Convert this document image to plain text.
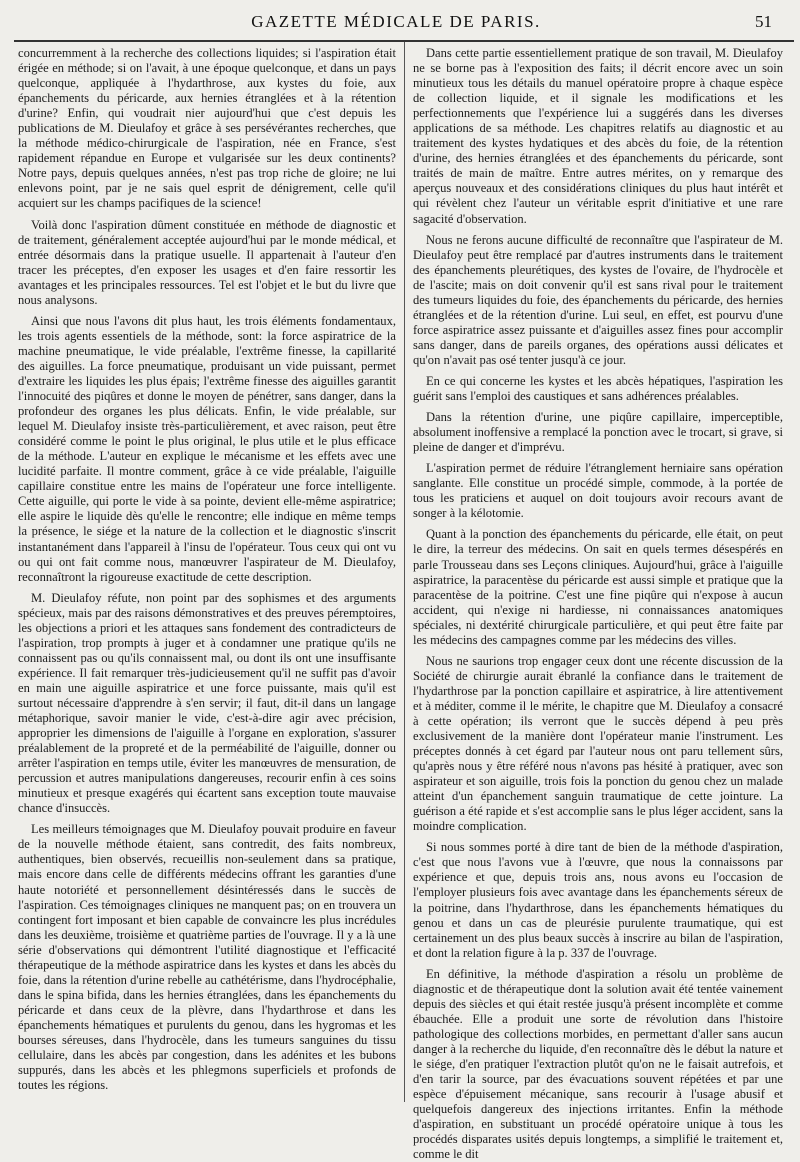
GAZETTE MÉDICALE DE PARIS.	51

concurremment à la recherche des collections liquides; si l'aspiration était érigée en méthode; si on l'avait, à une époque quelconque, et dans un pays quelconque, appliquée à l'hydarthrose, aux kystes du foie, aux épanchements du péricarde, aux hernies étranglées et à la rétention d'urine? Enfin, qui voudrait nier aujourd'hui que c'est depuis les publications de M. Dieulafoy et grâce à ses persévérantes recherches, que la méthode médico-chirurgicale de l'aspiration, née en France, s'est rapidement répandue en Europe et vulgarisée sur les deux continents? Notre pays, depuis quelques années, n'est pas trop riche de gloire; ne lui enlevons point, par je ne sais quel esprit de dénigrement, celle qu'il acquiert sur les champs pacifiques de la science!

Voilà donc l'aspiration dûment constituée en méthode de diagnostic et de traitement, généralement acceptée aujourd'hui par le monde médical, et entrée désormais dans la pratique usuelle. Il appartenait à l'auteur d'en tracer les préceptes, d'en exposer les usages et d'en faire ressortir les avantages et les principales ressources. Tel est l'objet et le but du livre que nous analysons.

Ainsi que nous l'avons dit plus haut, les trois éléments fondamentaux, les trois agents essentiels de la méthode, sont: la force aspiratrice de la machine pneumatique, le vide préalable, l'extrême finesse, la capillarité des aiguilles. La force pneumatique, produisant un vide puissant, permet d'extraire les liquides les plus épais; l'extrême finesse des aiguilles garantit l'innocuité des piqûres et donne le moyen de pénétrer, sans danger, dans la profondeur des organes les plus délicats. Enfin, le vide préalable, sur lequel M. Dieulafoy insiste très-particulièrement, et avec raison, peut être considéré comme le point le plus original, le plus utile et le plus efficace de la méthode. L'auteur en explique le mécanisme et les effets avec une lucidité parfaite. Il montre comment, grâce à ce vide préalable, l'aiguille capillaire constitue entre les mains de l'opérateur une force intelligente. Cette aiguille, qui porte le vide à sa pointe, devient elle-même aspiratrice; elle aspire le liquide dès qu'elle le rencontre; elle indique en même temps la présence, le siége et la nature de la collection et le diagnostic s'inscrit instantanément dans l'appareil à l'insu de l'opérateur. Tous ceux qui ont vu ou qui ont fait comme nous, manœuvrer l'aspirateur de M. Dieulafoy, reconnaîtront la rigoureuse exactitude de cette description.

M. Dieulafoy réfute, non point par des sophismes et des arguments spécieux, mais par des raisons démonstratives et des preuves péremptoires, les objections a priori et les attaques sans fondement des contradicteurs de l'aspiration, trop prompts à juger et à condamner une pratique qu'ils ne connaissent pas ou qu'ils connaissent mal, ou dont ils ont une insuffisante expérience. Il fait remarquer très-judicieusement qu'il ne suffit pas d'avoir en main une aiguille aspiratrice et une force puissante, mais qu'il est surtout nécessaire d'apprendre à s'en servir; il faut, dit-il dans un langage métaphorique, savoir manier le vide, c'est-à-dire agir avec précision, approprier les dimensions de l'aiguille à l'organe en exploration, s'assurer préalablement de la propreté et de la perméabilité de l'aiguille, donner ou arrêter l'aspiration en temps utile, éviter les manœuvres de mensuration, de percussion et autres manipulations dangereuses, recourir enfin à ces soins minutieux et presque exagérés qui écartent sans exception toute mauvaise chance d'insuccès.

Les meilleurs témoignages que M. Dieulafoy pouvait produire en faveur de la nouvelle méthode étaient, sans contredit, des faits nombreux, authentiques, bien observés, recueillis non-seulement dans sa pratique, mais encore dans celle de différents médecins offrant les garanties d'une haute notoriété et personnellement désintéressés dans le succès de l'aspiration. Ces témoignages cliniques ne manquent pas; on en trouvera un contingent fort imposant et bien capable de convaincre les plus incrédules dans les deuxième, troisième et quatrième parties de l'ouvrage. Il y a là une série d'observations qui démontrent l'utilité diagnostique et l'efficacité thérapeutique de la méthode aspiratrice dans les kystes et dans les abcès du foie, dans la rétention d'urine rebelle au cathétérisme, dans l'hydrocéphalie, dans le spina bifida, dans les hernies étranglées, dans les épanchements du péricarde et dans ceux de la plèvre, dans l'hydarthrose et dans les épanchements hématiques et purulents du genou, dans les hygromas et les bourses séreuses, dans l'hydrocèle, dans les tumeurs sanguines du tissu cellulaire, dans les abcès par congestion, dans les adénites et les bubons suppurés, dans les abcès et les phlegmons superficiels et profonds de toutes les régions.

Dans cette partie essentiellement pratique de son travail, M. Dieulafoy ne se borne pas à l'exposition des faits; il décrit encore avec un soin minutieux tous les détails du manuel opératoire propre à chaque espèce de collection liquide, et il signale les modifications et les perfectionnements que l'expérience lui a suggérés dans les diverses applications de sa méthode. Les chapitres relatifs au diagnostic et au traitement des kystes hydatiques et des abcès du foie, de la rétention d'urine, des hernies étranglées et des épanchements du péricarde, sont traités de main de maître. Entre autres mérites, on y remarque des aperçus nouveaux et des considérations cliniques du plus haut intérêt et qui révèlent chez l'auteur un véritable esprit d'initiative et une rare sagacité d'observation.

Nous ne ferons aucune difficulté de reconnaître que l'aspirateur de M. Dieulafoy peut être remplacé par d'autres instruments dans le traitement des épanchements pleurétiques, des kystes de l'ovaire, de l'hydrocèle et de l'ascite; mais on doit convenir qu'il est sans rival pour le traitement des tumeurs liquides du foie, des épanchements du péricarde, des hernies étranglées et de la rétention d'urine. Lui seul, en effet, est pourvu d'une force aspiratrice assez puissante et d'aiguilles assez fines pour accomplir sans danger, dans de pareils organes, des opérations aussi délicates et qu'on n'avait pas osé tenter jusqu'à ce jour.

En ce qui concerne les kystes et les abcès hépatiques, l'aspiration les guérit sans l'emploi des caustiques et sans adhérences préalables.

Dans la rétention d'urine, une piqûre capillaire, imperceptible, absolument inoffensive a remplacé la ponction avec le trocart, si grave, si pleine de danger et d'imprévu.

L'aspiration permet de réduire l'étranglement herniaire sans opération sanglante. Elle constitue un procédé simple, commode, à la portée de tous les praticiens et auquel on doit toujours avoir recours avant de songer à la kélotomie.

Quant à la ponction des épanchements du péricarde, elle était, on peut le dire, la terreur des médecins. On sait en quels termes désespérés en parle Trousseau dans ses Leçons cliniques. Aujourd'hui, grâce à l'aiguille aspiratrice, la paracentèse du péricarde est aussi simple et pratique que la paracentèse de la poitrine. C'est une fine piqûre qui n'expose à aucun accident, qui n'exige ni hardiesse, ni connaissances anatomiques spéciales, ni dextérité chirurgicale particulière, et qui peut être faite par les médecins des campagnes comme par les médecins des villes.

Nous ne saurions trop engager ceux dont une récente discussion de la Société de chirurgie aurait ébranlé la confiance dans le traitement de l'hydarthrose par la ponction capillaire et aspiratrice, à lire attentivement et à méditer, comme il le mérite, le chapitre que M. Dieulafoy a consacré à cette opération; ils verront que le succès dépend à peu près exclusivement de la manière dont l'opérateur manie l'instrument. Les préceptes donnés à cet égard par l'auteur nous ont paru tellement sûrs, qu'après nous y être référé nous n'avons pas hésité à pratiquer, avec son aspirateur et son aiguille, trois fois la ponction du genou chez un malade atteint d'un épanchement sanguin traumatique de cette jointure. La guérison a été rapide et s'est accomplie sans le plus léger accident, sans la moindre complication.

Si nous sommes porté à dire tant de bien de la méthode d'aspiration, c'est que nous l'avons vue à l'œuvre, que nous la connaissons par expérience et que, depuis trois ans, nous avons eu l'occasion de l'employer plusieurs fois avec avantage dans les épanchements séreux de la poitrine, dans l'hydarthrose, dans les épanchements hématiques du genou et dans un cas de pleurésie purulente traumatique, qui est certainement un des plus beaux succès à inscrire au bilan de l'aspiration, et dont la relation figure à la p. 337 de l'ouvrage.

En définitive, la méthode d'aspiration a résolu un problème de diagnostic et de thérapeutique dont la solution avait été tentée vainement depuis des siècles et qui était restée jusqu'à présent incomplète et comme ébauchée. Elle a produit une sorte de révolution dans l'histoire pathologique des collections morbides, en permettant d'aller sans aucun danger à la recherche du liquide, d'en reconnaître dès le début la nature et le siége, d'en pratiquer l'extraction plutôt qu'on ne le faisait autrefois, et d'en tarir la source, par des évacuations souvent répétées et par une espèce d'épuisement mécanique, sans recourir à l'usage abusif et quelquefois dangereux des injections irritantes. Enfin la méthode d'aspiration, en substituant un procédé opératoire unique à tous les procédés disparates usités depuis longtemps, a simplifié le traitement et, comme le dit
